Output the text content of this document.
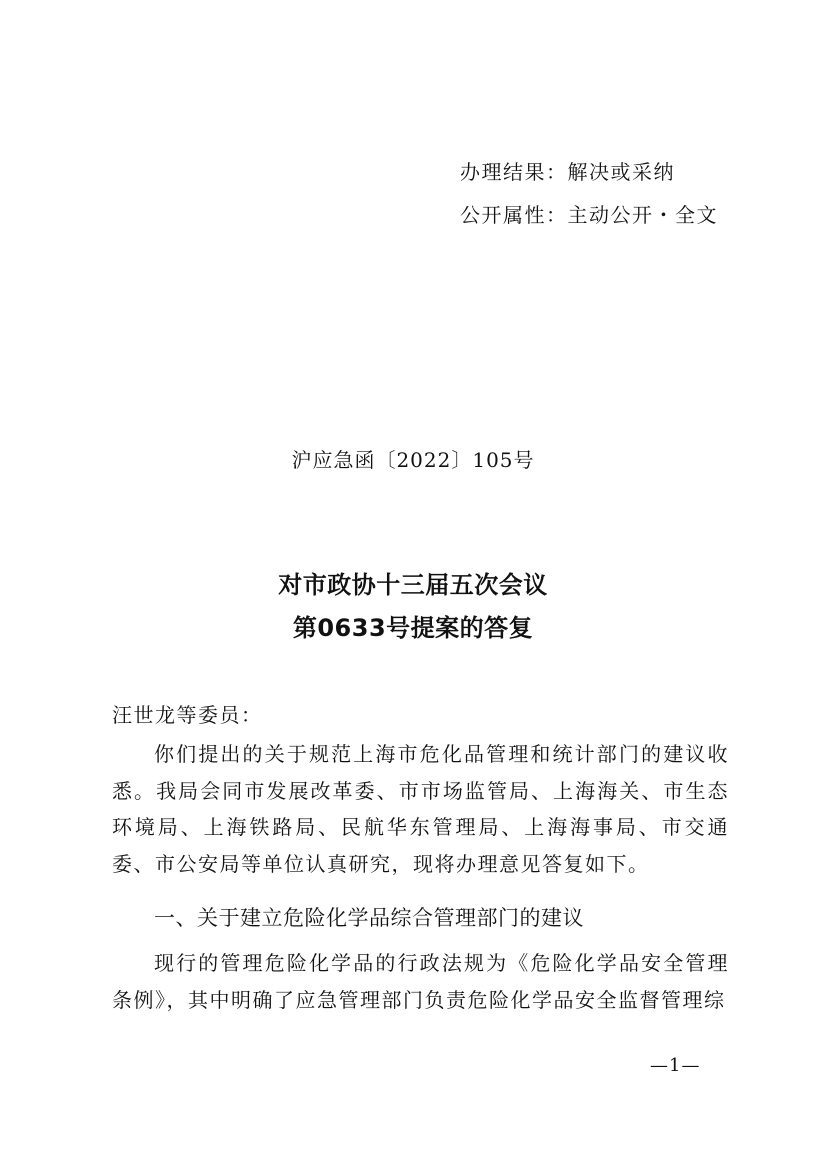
办理结果：解决或采纳
公开属性：主动公开・全文
沪应急函〔2022〕105号
对市政协十三届五次会议
第0633号提案的答复
汪世龙等委员：
你们提出的关于规范上海市危化品管理和统计部门的建议收悉。我局会同市发展改革委、市市场监管局、上海海关、市生态环境局、上海铁路局、民航华东管理局、上海海事局、市交通委、市公安局等单位认真研究，现将办理意见答复如下。
一、关于建立危险化学品综合管理部门的建议
现行的管理危险化学品的行政法规为《危险化学品安全管理条例》，其中明确了应急管理部门负责危险化学品安全监督管理综
—1—
